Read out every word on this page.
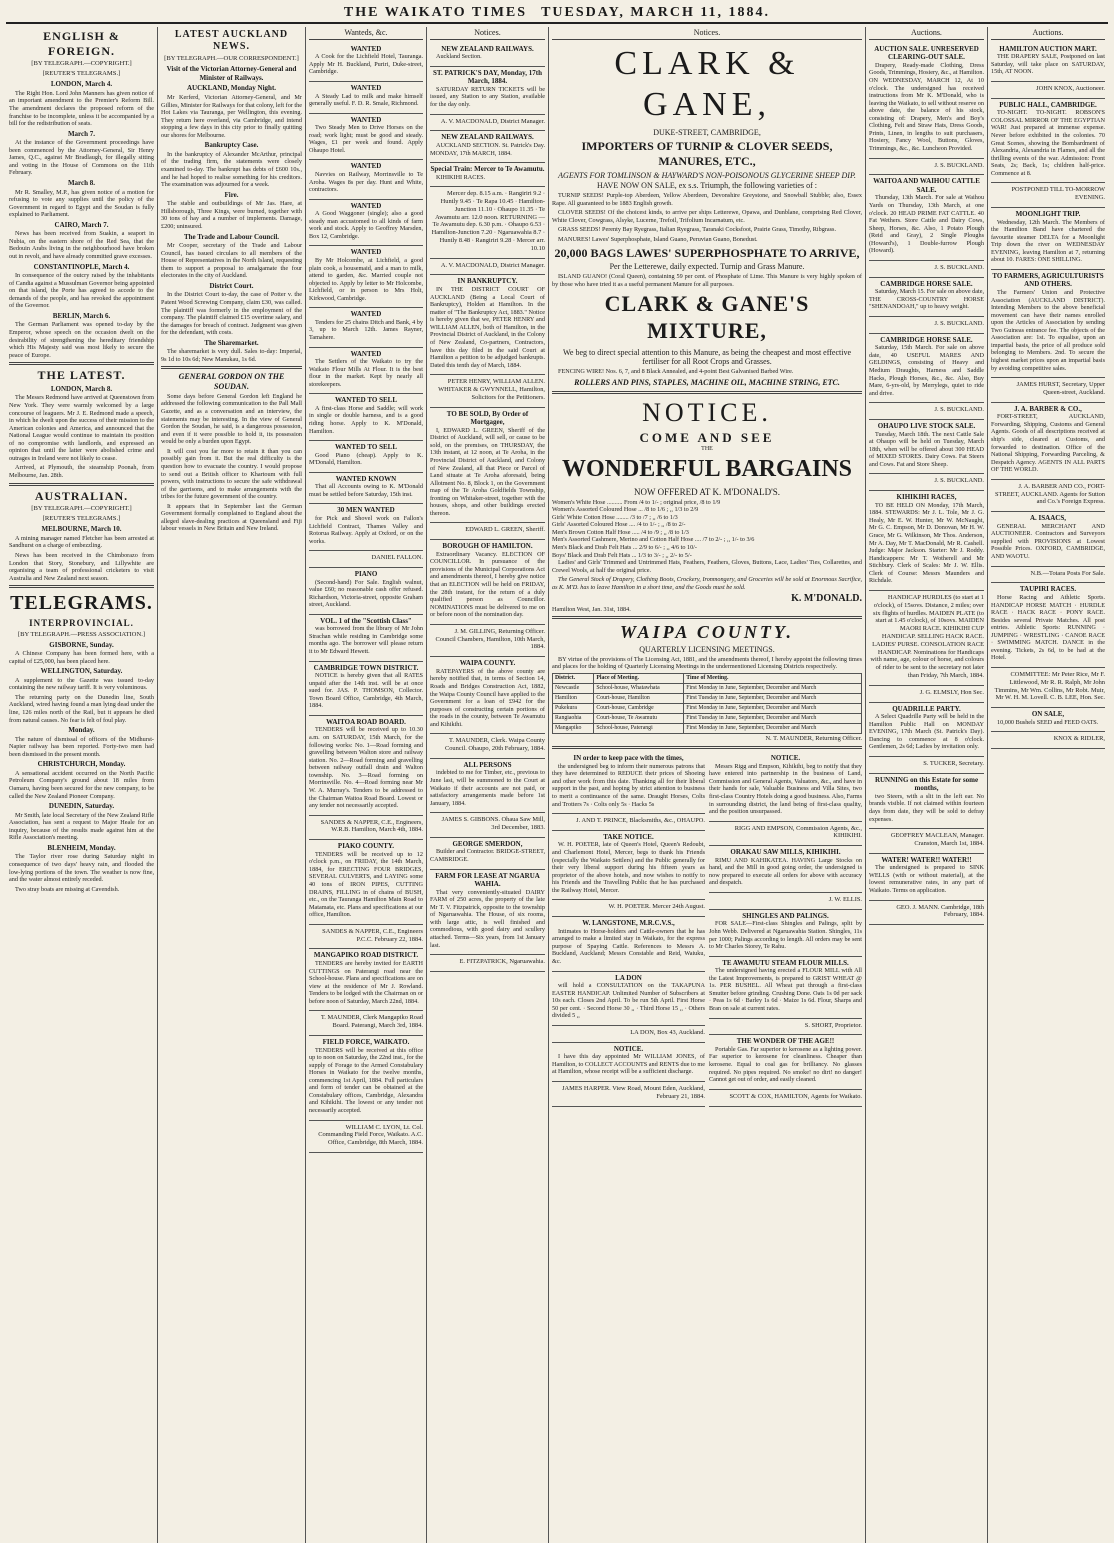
THE WAIKATO TIMES TUESDAY, MARCH 11, 1884.
ENGLISH & FOREIGN.
[BY TELEGRAPH.—COPYRIGHT.]
[REUTER'S TELEGRAMS.]
LONDON, March 4.

The Right Hon. Lord John Manners has given notice of an important amendment to the Premier's Reform Bill. The amendment declares the proposed reform of the franchise to be incomplete, unless it be accompanied by a bill for the redistribution of seats.

March 7.

At the instance of the Government proceedings have been commenced by the Attorney-General, Sir Henry James, Q.C., against Mr Bradlaugh, for illegally sitting and voting in the House of Commons on the 11th February.

March 8.

Mr R. Smalley, M.P., has given notice of a motion for refusing to vote any supplies until the policy of the Government in regard to Egypt and the Soudan is fully explained to Parliament.

CAIRO, March 7.

News has been received from Suakin, a seaport in Nubia, on the eastern shore of the Red Sea, that the Bedouin Arabs living in the neighbourhood have broken out in revolt, and have already committed grave excesses.

CONSTANTINOPLE, March 4.

In consequence of the outcry raised by the inhabitants of Candia against a Mussulman Governor being appointed on that island, the Porte has agreed to accede to the demands of the people, and has revoked the appointment of the Governor.

BERLIN, March 6.

The German Parliament was opened to-day by the Emperor, whose speech on the occasion dwelt on the desirability of strengthening the hereditary friendship which His Majesty said was most likely to secure the peace of Europe.

THE LATEST.
LONDON, March 8.

The Messrs Redmond have arrived at Queenstown from New York. They were warmly welcomed by a large concourse of leaguers. Mr J. E. Redmond made a speech, in which he dwelt upon the success of their mission to the American colonies and America, and announced that the National League would continue to maintain its position of no compromise with landlords, and expressed an opinion that until the latter were abolished crime and outrages in Ireland were not likely to cease.

Arrived, at Plymouth, the steamship Poonah, from Melbourne, Jan. 28th.

AUSTRALIAN.
[BY TELEGRAPH.—COPYRIGHT.]
[REUTER'S TELEGRAMS.]
MELBOURNE, March 10.

A mining manager named Fletcher has been arrested at Sandhurst on a charge of embezzling.

News has been received in the Chimborazo from London that Story, Stonebury, and Lillywhite are organising a team of professional cricketers to visit Australia and New Zealand next season.

TELEGRAMS.
INTERPROVINCIAL.
[BY TELEGRAPH.—PRESS ASSOCIATION.]
GISBORNE, Sunday.

A Chinese Company has been formed here, with a capital of £25,000, has been placed here.

WELLINGTON, Saturday.

A supplement to the Gazette was issued to-day containing the new railway tariff. It is very voluminous.

The returning party on the Dunedin line, South Auckland, wired having found a man lying dead under the line, 126 miles north of the Rail, but it appears he died from natural causes. No fear is felt of foul play.

Monday.

The nature of dismissal of officers of the Midhurst-Napier railway has been reported. Forty-two men had been dismissed in the present month.

CHRISTCHURCH, Monday.

A sensational accident occurred on the North Pacific Petroleum Company's ground about 18 miles from Oamaru, having been secured for the new company, to be called the New Zealand Pioneer Company.

DUNEDIN, Saturday.

Mr Smith, late local Secretary of the New Zealand Rifle Association, has sent a request to Major Heale for an inquiry, because of the results made against him at the Rifle Association's meeting.

BLENHEIM, Monday.

The Taylor river rose during Saturday night in consequence of two days' heavy rain, and flooded the low-lying portions of the town. The weather is now fine, and the water almost entirely receded.

Two stray boats are missing at Cavendish.

LATEST AUCKLAND NEWS.
[BY TELEGRAPH.—OUR CORRESPONDENT.]
Visit of the Victorian Attorney-General and Minister of Railways.
AUCKLAND, Monday Night.

Mr Kerferd, Victorian Attorney-General, and Mr Gillies, Minister for Railways for that colony, left for the Hot Lakes via Tauranga, per Wellington, this evening. They return here overland, via Cambridge, and intend stopping a few days in this city prior to finally quitting our shores for Melbourne.

Bankruptcy Case.

In the bankruptcy of Alexander McArthur, principal of the trading firm, the statements were closely examined to-day. The bankrupt has debts of £600 10s., and he had hoped to realise something for his creditors. The examination was adjourned for a week.

Fire.

The stable and outbuildings of Mr Jas. Hare, at Hillsborough, Three Kings, were burned, together with 30 tons of hay and a number of implements. Damage, £200; uninsured.

The Trade and Labour Council.

Mr Cooper, secretary of the Trade and Labour Council, has issued circulars to all members of the House of Representatives in the North Island, requesting them to support a proposal to amalgamate the four electorates in the city of Auckland.

District Court.

In the District Court to-day, the case of Potter v. the Patent Wood Screwing Company, claim £30, was called. The plaintiff was formerly in the employment of the company. The plaintiff claimed £15 overtime salary, and the damages for breach of contract. Judgment was given for the defendant, with costs.

The Sharemarket.

The sharemarket is very dull. Sales to-day: Imperial, 9s 1d to 10s 6d; New Manukau, 1s 6d.

GENERAL GORDON ON THE SOUDAN.

Some days before General Gordon left England he addressed the following communication to the Pall Mall Gazette, and as a conversation and an interview, the statements may be interesting. In the view of General Gordon the Soudan, he said, is a dangerous possession, and even if it were possible to hold it, its possession would be only a burden upon Egypt.

It will cost you far more to retain it than you can possibly gain from it. But the real difficulty is the question how to evacuate the country. I would propose to send out a British officer to Khartoum with full powers, with instructions to secure the safe withdrawal of the garrisons, and to make arrangements with the tribes for the future government of the country.

It appears that in September last the German Government formally complained to England about the alleged slave-dealing practices at Queensland and Fiji labour vessels in New Britain and New Ireland.

Wanteds, &c.
WANTED

A Cook for the Lichfield Hotel, Tauranga. Apply Mr H. Buckland, Puriri, Duke-street, Cambridge.

WANTED

A Steady Lad to milk and make himself generally useful. F. D. R. Smale, Richmond.

WANTED

Two Steady Men to Drive Horses on the road; work light; must be good and steady. Wages, £1 per week and found. Apply Ohaupo Hotel.

WANTED

Navvies on Railway, Morrinsville to Te Aroha. Wages 8s per day. Hunt and White, contractors.

WANTED

A Good Waggoner (single); also a good steady man accustomed to all kinds of farm work and stock. Apply to Geoffrey Marsden, Box 12, Cambridge.

WANTED

By Mr Holcombe, at Lichfield, a good plain cook, a housemaid, and a man to milk, attend to garden, &c. Married couple not objected to. Apply by letter to Mr Holcombe, Lichfield, or in person to Mrs Holt, Kirkwood, Cambridge.

WANTED

Tenders for 25 chains Ditch and Bank, 4 by 3, up to March 12th. James Rayner, Tamahere.

WANTED

The Settlers of the Waikato to try the Waikato Flour Mills At Flour. It is the best flour in the market. Kept by nearly all storekeepers.

WANTED TO SELL

A first-class Horse and Saddle; will work in single or double harness, and is a good riding horse. Apply to K. M'Donald, Hamilton.

WANTED TO SELL

Good Piano (cheap). Apply to K. M'Donald, Hamilton.

WANTED KNOWN

That all Accounts owing to K. M'Donald must be settled before Saturday, 15th inst.

30 MEN WANTED

for Pick and Shovel work on Fallon's Lichfield Contract, Thames Valley and Rotorua Railway. Apply at Oxford, or on the works.

DANIEL FALLON.

PIANO

(Second-hand) For Sale. English walnut, value £60; no reasonable cash offer refused. Richardson, Victoria-street, opposite Graham street, Auckland.

VOL. 1 of the "Scottish Class"

was borrowed from the library of Mr John Strachan while residing in Cambridge some months ago. The borrower will please return it to Mr Edward Hewett.

CAMBRIDGE TOWN DISTRICT.

NOTICE is hereby given that all RATES unpaid after the 14th inst. will be at once sued for. JAS. P. THOMSON, Collector. Town Board Office, Cambridge, 4th March, 1884.

WAITOA ROAD BOARD.

TENDERS will be received up to 10.30 a.m. on SATURDAY, 15th March, for the following works: No. 1—Road forming and gravelling between Walton store and railway station. No. 2—Road forming and gravelling between railway outfall drain and Walton township. No. 3—Road forming on Morrinsville. No. 4—Road forming near Mr W. A. Murray's. Tenders to be addressed to the Chairman Waitoa Road Board. Lowest or any tender not necessarily accepted.

SANDES & NAPPER, C.E., Engineers, W.R.B. Hamilton, March 4th, 1884.

PIAKO COUNTY.

TENDERS will be received up to 12 o'clock p.m., on FRIDAY, the 14th March, 1884, for ERECTING FOUR BRIDGES, SEVERAL CULVERTS, and LAYING some 40 tons of IRON PIPES, CUTTING DRAINS, FILLING in of chains of BUSH, etc., on the Tauranga Hamilton Main Road to Matamata, etc. Plans and specifications at our office, Hamilton.

SANDES & NAPPER, C.E., Engineers P.C.C. February 22, 1884.

MANGAPIKO ROAD DISTRICT.

TENDERS are hereby invited for EARTH CUTTINGS on Paterangi road near the School-house. Plans and specifications are on view at the residence of Mr J. Rowland. Tenders to be lodged with the Chairman on or before noon of Saturday, March 22nd, 1884.

T. MAUNDER, Clerk Mangapiko Road Board. Paterangi, March 3rd, 1884.

FIELD FORCE, WAIKATO.

TENDERS will be received at this office up to noon on Saturday, the 22nd inst., for the supply of Forage to the Armed Constabulary Horses in Waikato for the twelve months, commencing 1st April, 1884. Full particulars and form of tender can be obtained at the Constabulary offices, Cambridge, Alexandra and Kihikihi. The lowest or any tender not necessarily accepted.

WILLIAM C. LYON, Lt. Col. Commanding Field Force, Waikato. A.C. Office, Cambridge, 8th March, 1884.

Notices.
NEW ZEALAND RAILWAYS.

Auckland Section.

ST. PATRICK'S DAY, Monday, 17th March, 1884.

SATURDAY RETURN TICKETS will be issued, any Station to any Station, available for the day only.

A. V. MACDONALD, District Manager.

NEW ZEALAND RAILWAYS.

AUCKLAND SECTION. St. Patrick's Day. MONDAY, 17th MARCH, 1884.

Special Train: Mercer to Te Awamutu.

KIHIKIHI RACES.

Mercer dep. 8.15 a.m. · Rangiriri 9.2 · Huntly 9.45 · Te Rapa 10.45 · Hamilton-Junction 11.10 · Ohaupo 11.35 · Te Awamutu arr. 12.0 noon. RETURNING — Te Awamutu dep. 6.30 p.m. · Ohaupo 6.53 · Hamilton-Junction 7.20 · Ngaruawahia 8.7 · Huntly 8.48 · Rangiriri 9.28 · Mercer arr. 10.10

A. V. MACDONALD, District Manager.

IN BANKRUPTCY.

IN THE DISTRICT COURT OF AUCKLAND (Being a Local Court of Bankruptcy), Holden at Hamilton. In the matter of "The Bankruptcy Act, 1883." Notice is hereby given that we, PETER HENRY and WILLIAM ALLEN, both of Hamilton, in the Provincial District of Auckland, in the Colony of New Zealand, Co-partners, Contractors, have this day filed in the said Court at Hamilton a petition to be adjudged bankrupts. Dated this tenth day of March, 1884.

PETER HENRY, WILLIAM ALLEN. WHITAKER & GWYNNELL, Hamilton, Solicitors for the Petitioners.

TO BE SOLD, By Order of Mortgagee,

I, EDWARD L. GREEN, Sheriff of the District of Auckland, will sell, or cause to be sold, on the premises, on THURSDAY, the 13th instant, at 12 noon, at Te Aroha, in the Provincial District of Auckland, and Colony of New Zealand, all that Piece or Parcel of Land situate at Te Aroha aforesaid, being Allotment No. 8, Block 1, on the Government map of the Te Aroha Goldfields Township, fronting on Whitaker-street, together with the houses, shops, and other buildings erected thereon.

EDWARD L. GREEN, Sheriff.

BOROUGH OF HAMILTON.

Extraordinary Vacancy. ELECTION OF COUNCILLOR. In pursuance of the provisions of the Municipal Corporations Act and amendments thereof, I hereby give notice that an ELECTION will be held on FRIDAY, the 28th instant, for the return of a duly qualified person as Councillor. NOMINATIONS must be delivered to me on or before noon of the nomination day.

J. M. GILLING, Returning Officer. Council Chambers, Hamilton, 10th March, 1884.

WAIPA COUNTY.

RATEPAYERS of the above county are hereby notified that, in terms of Section 14, Roads and Bridges Construction Act, 1882, the Waipa County Council have applied to the Government for a loan of £942 for the purposes of constructing certain portions of the roads in the county, between Te Awamutu and Kihikihi.

T. MAUNDER, Clerk. Waipa County Council. Ohaupo, 20th February, 1884.

ALL PERSONS

indebted to me for Timber, etc., previous to June last, will be summoned to the Court at Waikato if their accounts are not paid, or satisfactory arrangements made before 1st January, 1884.

JAMES S. GIBBONS. Ohaua Saw Mill, 3rd December, 1883.

GEORGE SMERDON,

Builder and Contractor. BRIDGE-STREET, CAMBRIDGE.

FARM FOR LEASE AT NGARUA WAHIA.

That very conveniently-situated DAIRY FARM of 250 acres, the property of the late Mr T. V. Fitzpatrick, opposite to the township of Ngaruawahia. The House, of six rooms, with large attic, is well finished and commodious, with good dairy and scullery attached. Terms—Six years, from 1st January last.

E. FITZPATRICK, Ngaruawahia.

Notices.
CLARK & GANE,
DUKE-STREET, CAMBRIDGE,
IMPORTERS OF TURNIP & CLOVER SEEDS, MANURES, ETC.,
AGENTS FOR TOMLINSON & HAYWARD'S NON-POISONOUS GLYCERINE SHEEP DIP.
HAVE NOW ON SALE, ex s.s. Triumph, the following varieties of :

TURNIP SEEDS! Purple-top Aberdeen, Yellow Aberdeen, Devonshire Greystone, and Snowball Stubble; also, Essex Rape. All guaranteed to be 1883 English growth.

CLOVER SEEDS! Of the choicest kinds, to arrive per ships Letterewe, Opawa, and Dunblane, comprising Red Clover, White Clover, Cowgrass, Alsyke, Lucerne, Trefoil, Trifolium Incarnatum, etc.

GRASS SEEDS! Perenty Bay Ryegrass, Italian Ryegrass, Taranaki Cocksfoot, Prairie Grass, Timothy, Ribgrass.

MANURES! Lawes' Superphosphate, Island Guano, Peruvian Guano, Bonedust.

20,000 BAGS LAWES' SUPERPHOSPHATE TO ARRIVE,
Per the Letterewe, daily expected. Turnip and Grass Manure.

ISLAND GUANO! (Coral Queen), containing 59 per cent. of Phosphate of Lime. This Manure is very highly spoken of by those who have tried it as a useful permanent Manure for all purposes.

CLARK & GANE'S MIXTURE,
We beg to direct special attention to this Manure, as being the cheapest and most effective fertiliser for all Root Crops and Grasses.

FENCING WIRE! Nos. 6, 7, and 8 Black Annealed, and 4-point Best Galvanised Barbed Wire.

ROLLERS AND PINS, STAPLES, MACHINE OIL, MACHINE STRING, ETC.
NOTICE.
COME AND SEE
THE
WONDERFUL BARGAINS
NOW OFFERED AT K. M'DONALD'S.
Women's White Hose .......... From /4 to 1/- ; original price, /8 to 1/9
Women's Assorted Coloured Hose ... /8 to 1/6 ; ,, 1/3 to 2/9
Girls' White Cotton Hose ........ /3 to /7 ; ,, /6 to 1/3
Girls' Assorted Coloured Hose .... /4 to 1/- ; ,, /8 to 2/-
Men's Brown Cotton Half Hose ..... /4 to /9 ; ,, /8 to 1/3
Men's Assorted Cashmere, Merino and Cotton Half Hose .... /7 to 2/- ; ,, 1/- to 3/6
Men's Black and Drab Felt Hats ... 2/9 to 6/- ; ,, 4/6 to 10/-
Boys' Black and Drab Felt Hats ... 1/3 to 3/- ; ,, 2/- to 5/-

Ladies' and Girls' Trimmed and Untrimmed Hats, Feathers, Feathers, Gloves, Buttons, Lace, Ladies' Ties, Collarettes, and Crewel Wools, at half the original price.

The General Stock of Drapery, Clothing Boots, Crockery, Ironmongery, and Groceries will be sold at Enormous Sacrifice, as K. M'D. has to leave Hamilton in a short time, and the Goods must be sold.

K. M'DONALD.
Hamilton West, Jan. 31st, 1884.
WAIPA COUNTY.
QUARTERLY LICENSING MEETINGS.

BY virtue of the provisions of The Licensing Act, 1881, and the amendments thereof, I hereby appoint the following times and places for the holding of Quarterly Licensing Meetings in the undermentioned Licensing Districts respectively.

District.	Place of Meeting.	Time of Meeting.
Newcastle	School-house, Whatawhata	First Monday in June, September, December and March
Hamilton	Court-house, Hamilton	First Tuesday in June, September, December and March
Pukekura	Court-house, Cambridge	First Monday in June, September, December and March
Rangiaohia	Court-house, Te Awamutu	First Tuesday in June, September, December and March
Mangapiko	School-house, Paterangi	First Monday in June, September, December and March
N. T. MAUNDER, Returning Officer.
IN order to keep pace with the times,

the undersigned beg to inform their numerous patrons that they have determined to REDUCE their prices of Shoeing and other work from this date. Thanking all for their liberal support in the past, and hoping by strict attention to business to merit a continuance of the same. Draught Horses, Colts and Trotters 7s · Colts only 5s · Hacks 5s

J. AND T. PRINCE, Blacksmiths, &c., OHAUPO.

TAKE NOTICE.

W. H. POETER, late of Queen's Hotel, Queen's Redoubt, and Charlemont Hotel, Mercer, begs to thank his Friends (especially the Waikato Settlers) and the Public generally for their very liberal support during his fifteen years as proprietor of the above hotels, and now wishes to notify to his Friends and the Travelling Public that he has purchased the Railway Hotel, Mercer.

W. H. POETER. Mercer 24th August.

W. LANGSTONE, M.R.C.V.S.,

Intimates to Horse-holders and Cattle-owners that he has arranged to make a limited stay in Waikato, for the express purpose of Spaying Cattle. References to Messrs A. Buckland, Auckland; Messrs Constable and Reid, Waiuku, &c.

LA DON

will hold a CONSULTATION on the TAKAPUNA EASTER HANDICAP. Unlimited Number of Subscribers at 10s each. Closes 2nd April. To be run 5th April. First Horse 50 per cent. · Second Horse 30 ,, · Third Horse 15 ,, · Others divided 5 ,,

LA DON, Box 43, Auckland.

NOTICE.

I have this day appointed Mr WILLIAM JONES, of Hamilton, to COLLECT ACCOUNTS and RENTS due to me at Hamilton, whose receipt will be a sufficient discharge.

JAMES HARPER. View Road, Mount Eden, Auckland, February 21, 1884.

NOTICE.

Messrs Rigg and Empson, Kihikihi, beg to notify that they have entered into partnership in the business of Land, Commission and General Agents, Valuators, &c., and have in their hands for sale, Valuable Business and Villa Sites, two first-class Country Hotels doing a good business. Also, Farms in surrounding district, the land being of first-class quality, and the position unsurpassed.

RIGG AND EMPSON, Commission Agents, &c., KIHIKIHI.

ORAKAU SAW MILLS, KIHIKIHI.

RIMU AND KAHIKATEA. HAVING Large Stocks on hand, and the Mill in good going order, the undersigned is now prepared to execute all orders for above with accuracy and despatch.

J. W. ELLIS.

SHINGLES AND PALINGS.

FOR SALE—First-class Shingles and Palings, split by John Webb. Delivered at Ngaruawahia Station. Shingles, 11s per 1000; Palings according to length. All orders may be sent to Mr Charles Storey, Te Rahu.

TE AWAMUTU STEAM FLOUR MILLS.

The undersigned having erected a FLOUR MILL with All the Latest Improvements, is prepared to GRIST WHEAT @ 1s. PER BUSHEL. All Wheat put through a first-class Smutter before grinding. Crushing Done. Oats 1s 0d per sack · Peas 1s 6d · Barley 1s 6d · Maize 1s 6d. Flour, Sharps and Bran on sale at current rates.

S. SHORT, Proprietor.

THE WONDER OF THE AGE!!

Portable Gas. Far superior to kerosene as a lighting power. Far superior to kerosene for cleanliness. Cheaper than kerosene. Equal to coal gas for brilliancy. No glasses required. No pipes required. No smoke! no dirt! no danger! Cannot get out of order, and easily cleaned.

SCOTT & COX, HAMILTON, Agents for Waikato.

Auctions.
AUCTION SALE. UNRESERVED CLEARING-OUT SALE.

Drapery, Ready-made Clothing, Dress Goods, Trimmings, Hosiery, &c., at Hamilton. ON WEDNESDAY, MARCH 12, At 10 o'clock. The undersigned has received instructions from Mr K. M'Donald, who is leaving the Waikato, to sell without reserve on above date, the balance of his stock, consisting of: Drapery, Men's and Boy's Clothing, Felt and Straw Hats, Dress Goods, Prints, Linen, in lengths to suit purchasers, Hosiery, Fancy Wool, Buttons, Gloves, Trimmings, &c., &c. Luncheon Provided.

J. S. BUCKLAND.

WAITOA AND WAIHOU CATTLE SALE.

Thursday, 13th March. For sale at Waihou Yards on Thursday, 13th March, at one o'clock. 20 HEAD PRIME FAT CATTLE. 40 Fat Wethers. Store Cattle and Dairy Cows, Sheep, Horses, &c. Also, 1 Potato Plough (Reid and Gray), 2 Single Ploughs (Howard's), 1 Double-furrow Plough (Howard).

J. S. BUCKLAND.

CAMBRIDGE HORSE SALE.

Saturday, March 15. For sale on above date, THE CROSS-COUNTRY HORSE "SHENANDOAH," up to heavy weight.

J. S. BUCKLAND.

CAMBRIDGE HORSE SALE.

Saturday, 15th March. For sale on above date, 40 USEFUL MARES AND GELDINGS, consisting of Heavy and Medium Draughts, Harness and Saddle Hacks, Plough Horses, &c., &c. Also, Buy Mare, 6-yrs-old, by Merrylegs, quiet to ride and drive.

J. S. BUCKLAND.

OHAUPO LIVE STOCK SALE.

Tuesday, March 18th. The next Cattle Sale at Ohaupo will be held on Tuesday, March 18th, when will be offered about 300 HEAD of MIXED STORES. Dairy Cows. Fat Steers and Cows. Fat and Store Sheep.

J. S. BUCKLAND.

KIHIKIHI RACES,

TO BE HELD ON Monday, 17th March, 1884. STEWARDS: Mr J. L. Tole, Mr J. G. Healy, Mr E. W. Hunter, Mr W. McNaught, Mr G. C. Empson, Mr D. Donovan, Mr H. W. Grace, Mr G. Wilkinson, Mr Thos. Anderson, Mr A. Day, Mr T. MacDonald, Mr R. Cashell. Judge: Major Jackson. Starter: Mr J. Roddy. Handicappers: Mr T. Wotherell and Mr Stichbury. Clerk of Scales: Mr J. W. Ellis. Clerk of Course: Messrs Maunders and Richdale.

HANDICAP HURDLES (to start at 1 o'clock), of 15sovs. Distance, 2 miles; over six flights of hurdles. MAIDEN PLATE (to start at 1.45 o'clock), of 10sovs. MAIDEN MAORI RACE. KIHIKIHI CUP HANDICAP. SELLING HACK RACE. LADIES' PURSE. CONSOLATION RACE HANDICAP. Nominations for Handicaps with name, age, colour of horse, and colours of rider to be sent to the secretary not later than Friday, 7th March, 1884.

J. G. ELMSLY, Hon Sec.

QUADRILLE PARTY.

A Select Quadrille Party will be held in the Hamilton Public Hall on MONDAY EVENING, 17th March (St. Patrick's Day). Dancing to commence at 8 o'clock. Gentlemen, 2s 6d; Ladies by invitation only.

S. TUCKER, Secretary.

RUNNING on this Estate for some months,

two Steers, with a slit in the left ear. No brands visible. If not claimed within fourteen days from date, they will be sold to defray expenses.

GEOFFREY MACLEAN, Manager. Cranston, March 1st, 1884.

WATER! WATER!! WATER!!

The undersigned is prepared to SINK WELLS (with or without material), at the lowest remunerative rates, in any part of Waikato. Terms on application.

GEO. J. MANN. Cambridge, 18th February, 1884.

Auctions.
HAMILTON AUCTION MART.

THE DRAPERY SALE, Postponed on last Saturday, will take place on SATURDAY, 15th, AT NOON.

JOHN KNOX, Auctioneer.

PUBLIC HALL, CAMBRIDGE.

TO-NIGHT. TO-NIGHT. ROBSON'S COLOSSAL MIRROR OF THE EGYPTIAN WAR! Just prepared at immense expense. Never before exhibited in the colonies. 70 Great Scenes, showing the Bombardment of Alexandria, Alexandria in Flames, and all the thrilling events of the war. Admission: Front Seats, 2s; Back, 1s; children half-price. Commence at 8.

POSTPONED TILL TO-MORROW EVENING.

MOONLIGHT TRIP.

Wednesday, 12th March. The Members of the Hamilton Band have chartered the favourite steamer DELTA for a Moonlight Trip down the river on WEDNESDAY EVENING, leaving Hamilton at 7, returning about 10. FARES: ONE SHILLING.

TO FARMERS, AGRICULTURISTS AND OTHERS.

The Farmers' Union and Protective Association (AUCKLAND DISTRICT). Intending Members to the above beneficial movement can have their names enrolled upon the Articles of Association by sending Two Guineas entrance fee. The objects of the Association are: 1st. To equalise, upon an impartial basis, the price of all produce sold belonging to Members. 2nd. To secure the highest market prices upon an impartial basis by avoiding competitive sales.

JAMES HURST, Secretary, Upper Queen-street, Auckland.

J. A. BARBER & CO.,

FORT-STREET, AUCKLAND, Forwarding, Shipping, Customs and General Agents. Goods of all descriptions received at ship's side, cleared at Customs, and forwarded to destination. Office of the National Shipping, Forwarding Parceling, & Despatch Agency. AGENTS IN ALL PARTS OF THE WORLD.

J. A. BARBER AND CO., FORT-STREET, AUCKLAND. Agents for Sutton and Co.'s Foreign Express.

A. ISAACS,

GENERAL MERCHANT AND AUCTIONEER. Contractors and Surveyors supplied with PROVISIONS at Lowest Possible Prices. OXFORD, CAMBRIDGE, AND WAOTU.

N.B.—Totara Posts For Sale.

TAUPIRI RACES.

Horse Racing and Athletic Sports. HANDICAP HORSE MATCH · HURDLE RACE · HACK RACE · PONY RACE. Besides several Private Matches. All post entries. Athletic Sports: RUNNING · JUMPING · WRESTLING · CANOE RACE · SWIMMING MATCH. DANCE in the evening. Tickets, 2s 6d, to be had at the Hotel.

COMMITTEE: Mr Peter Rice, Mr F. Littlewood, Mr R. R. Ralph, Mr John Timmins, Mr Wm. Collins, Mr Robt. Muir, Mr W. H. M. Lovell. C. B. LEE, Hon. Sec.

ON SALE,

10,000 Bushels SEED and FEED OATS.

KNOX & RIDLER,
